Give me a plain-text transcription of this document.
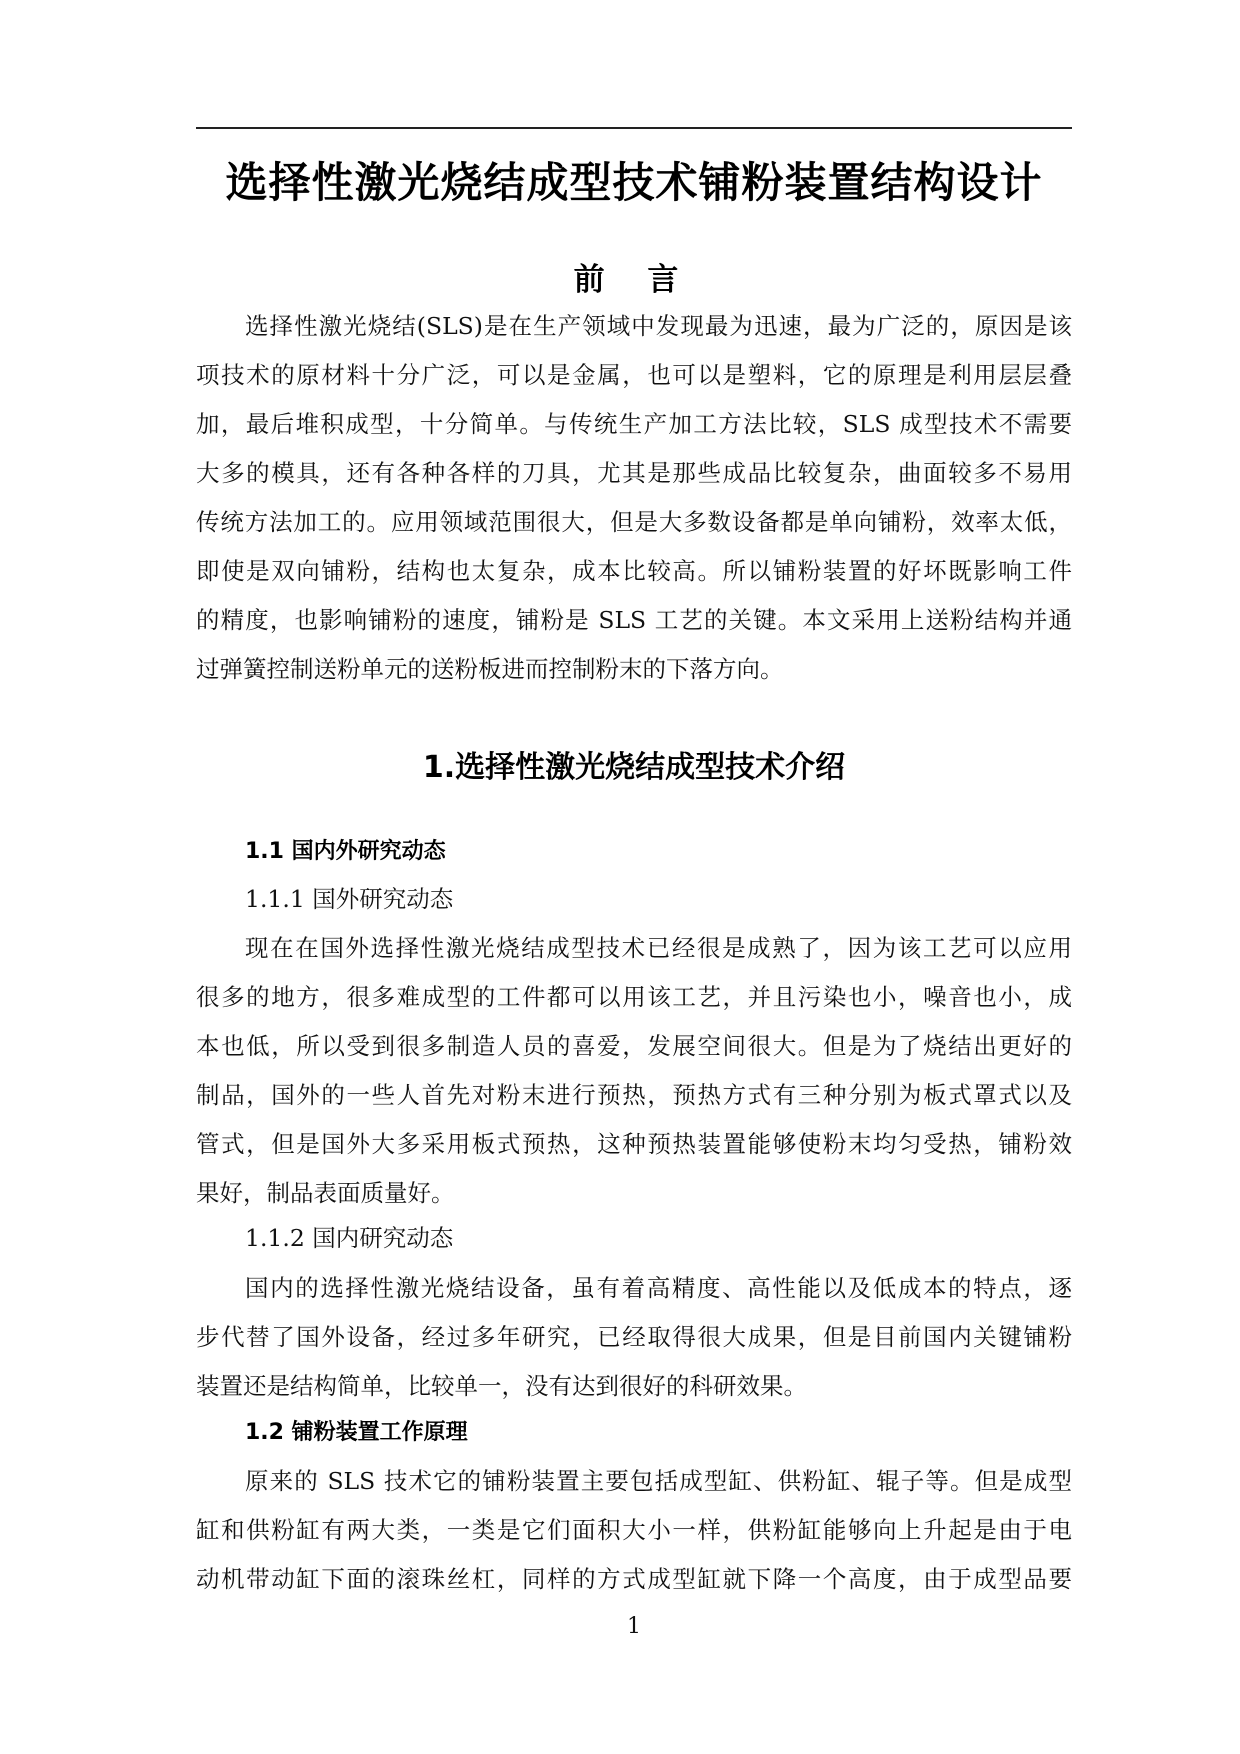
选择性激光烧结成型技术铺粉装置结构设计
前 言
选择性激光烧结(SLS)是在生产领域中发现最为迅速，最为广泛的，原因是该
项技术的原材料十分广泛，可以是金属，也可以是塑料，它的原理是利用层层叠
加，最后堆积成型，十分简单。与传统生产加工方法比较，SLS 成型技术不需要
大多的模具，还有各种各样的刀具，尤其是那些成品比较复杂，曲面较多不易用
传统方法加工的。应用领域范围很大，但是大多数设备都是单向铺粉，效率太低，
即使是双向铺粉，结构也太复杂，成本比较高。所以铺粉装置的好坏既影响工件
的精度，也影响铺粉的速度，铺粉是 SLS 工艺的关键。本文采用上送粉结构并通
过弹簧控制送粉单元的送粉板进而控制粉末的下落方向。
1.选择性激光烧结成型技术介绍
1.1 国内外研究动态
1.1.1 国外研究动态
现在在国外选择性激光烧结成型技术已经很是成熟了，因为该工艺可以应用
很多的地方，很多难成型的工件都可以用该工艺，并且污染也小，噪音也小，成
本也低，所以受到很多制造人员的喜爱，发展空间很大。但是为了烧结出更好的
制品，国外的一些人首先对粉末进行预热，预热方式有三种分别为板式罩式以及
管式，但是国外大多采用板式预热，这种预热装置能够使粉末均匀受热，铺粉效
果好，制品表面质量好。
1.1.2 国内研究动态
国内的选择性激光烧结设备，虽有着高精度、高性能以及低成本的特点，逐
步代替了国外设备，经过多年研究，已经取得很大成果，但是目前国内关键铺粉
装置还是结构简单，比较单一，没有达到很好的科研效果。
1.2 铺粉装置工作原理
原来的 SLS 技术它的铺粉装置主要包括成型缸、供粉缸、辊子等。但是成型
缸和供粉缸有两大类，一类是它们面积大小一样，供粉缸能够向上升起是由于电
动机带动缸下面的滚珠丝杠，同样的方式成型缸就下降一个高度，由于成型品要
1
